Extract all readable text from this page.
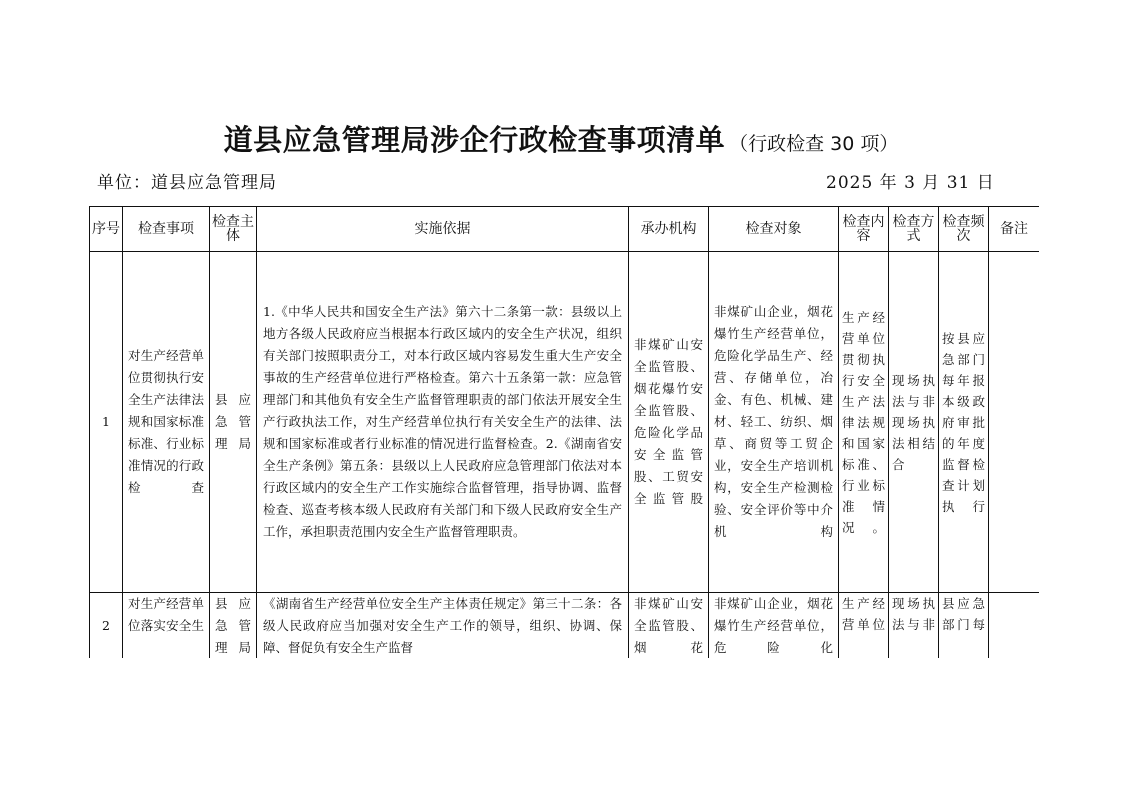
道县应急管理局涉企行政检查事项清单 （行政检查 30 项）
单位：道县应急管理局	2025 年 3 月 31 日
序号	检查事项	检查主体	实施依据	承办机构	检查对象	检查内容	检查方式	检查频次	备注
1	对生产经营单位贯彻执行安全生产法律法规和国家标准标准、行业标准情况的行政检查	县应急管理局	1.《中华人民共和国安全生产法》第六十二条第一款：县级以上地方各级人民政府应当根据本行政区域内的安全生产状况，组织有关部门按照职责分工，对本行政区域内容易发生重大生产安全事故的生产经营单位进行严格检查。第六十五条第一款：应急管理部门和其他负有安全生产监督管理职责的部门依法开展安全生产行政执法工作，对生产经营单位执行有关安全生产的法律、法规和国家标准或者行业标准的情况进行监督检查。2.《湖南省安全生产条例》第五条：县级以上人民政府应急管理部门依法对本行政区域内的安全生产工作实施综合监督管理，指导协调、监督检查、巡查考核本级人民政府有关部门和下级人民政府安全生产工作，承担职责范围内安全生产监督管理职责。	非煤矿山安全监管股、烟花爆竹安全监管股、危险化学品安全监管股、工贸安全监管股	非煤矿山企业，烟花爆竹生产经营单位，危险化学品生产、经营、存储单位，冶金、有色、机械、建材、轻工、纺织、烟草、商贸等工贸企业，安全生产培训机构，安全生产检测检验、安全评价等中介机构	生产经营单位贯彻执行安全生产法律法规和国家标准、行业标准情况。	现场执法与非现场执法相结合	按县应急部门每年报本级政府审批的年度监督检查计划执行	
2	对生产经营单位落实安全生	县应急管理局	《湖南省生产经营单位安全生产主体责任规定》第三十二条：各级人民政府应当加强对安全生产工作的领导，组织、协调、保障、督促负有安全生产监督	非煤矿山安全监管股、烟花	非煤矿山企业，烟花爆竹生产经营单位，危险化	生产经营单位	现场执法与非	县应急部门每	
